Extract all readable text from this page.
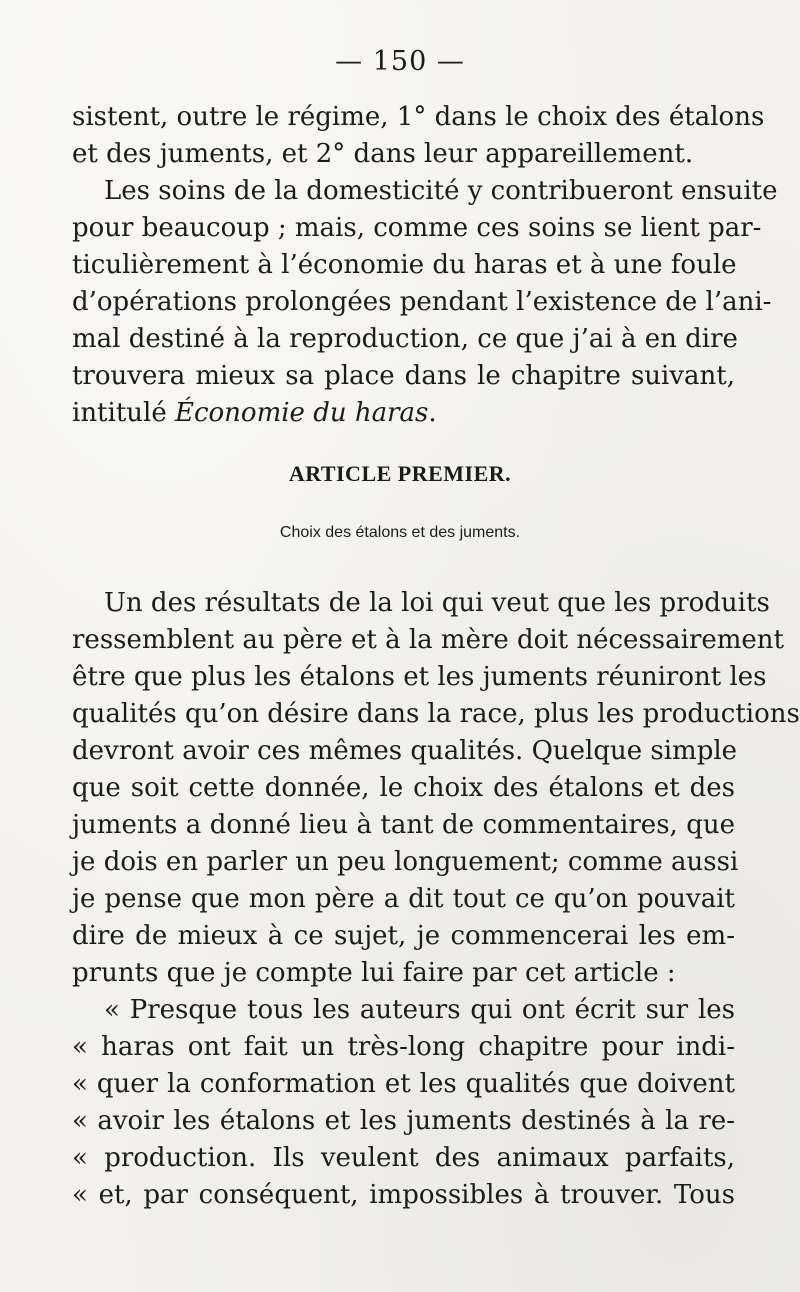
— 150 —
sistent, outre le régime, 1° dans le choix des étalons
et des juments, et 2° dans leur appareillement.
Les soins de la domesticité y contribueront ensuite
pour beaucoup ; mais, comme ces soins se lient par-
ticulièrement à l’économie du haras et à une foule
d’opérations prolongées pendant l’existence de l’ani-
mal destiné à la reproduction, ce que j’ai à en dire
trouvera mieux sa place dans le chapitre suivant,
intitulé Économie du haras.
ARTICLE PREMIER.
Choix des étalons et des juments.
Un des résultats de la loi qui veut que les produits
ressemblent au père et à la mère doit nécessairement
être que plus les étalons et les juments réuniront les
qualités qu’on désire dans la race, plus les productions
devront avoir ces mêmes qualités. Quelque simple
que soit cette donnée, le choix des étalons et des
juments a donné lieu à tant de commentaires, que
je dois en parler un peu longuement; comme aussi
je pense que mon père a dit tout ce qu’on pouvait
dire de mieux à ce sujet, je commencerai les em-
prunts que je compte lui faire par cet article :
« Presque tous les auteurs qui ont écrit sur les
« haras ont fait un très-long chapitre pour indi-
« quer la conformation et les qualités que doivent
« avoir les étalons et les juments destinés à la re-
« production. Ils veulent des animaux parfaits,
« et, par conséquent, impossibles à trouver. Tous
